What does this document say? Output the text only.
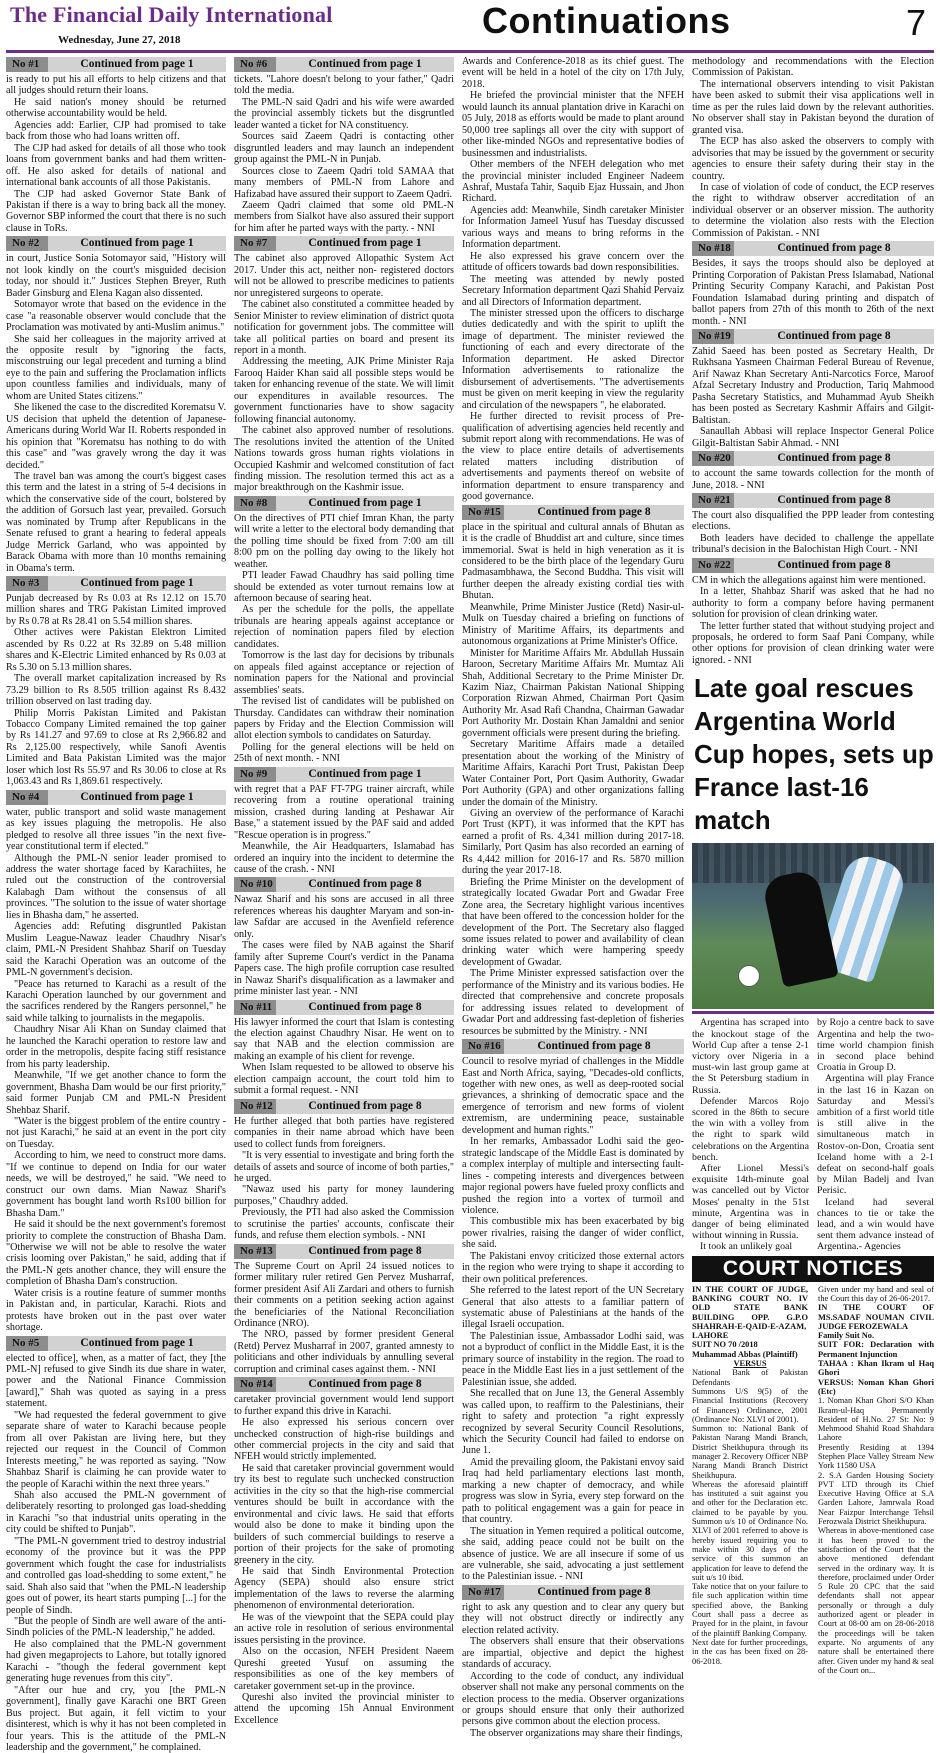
The Financial Daily International
Wednesday, June 27, 2018	Continuations	7
No #1	Continued from page 1

is ready to put his all efforts to help citizens and that all judges should return their loans.

He said nation's money should be returned otherwise accountability would be held.

Agencies add: Earlier, CJP had promised to take back from those who had loans written off.

The CJP had asked for details of all those who took loans from government banks and had them written-off. He also asked for details of national and international bank accounts of all those Pakistanis.

The CJP had asked Governor State Bank of Pakistan if there is a way to bring back all the money. Governor SBP informed the court that there is no such clause in ToRs.

No #2	Continued from page 1

in court, Justice Sonia Sotomayor said, "History will not look kindly on the court's misguided decision today, nor should it." Justices Stephen Breyer, Ruth Bader Ginsburg and Elena Kagan also dissented.

Sotomayor wrote that based on the evidence in the case "a reasonable observer would conclude that the Proclamation was motivated by anti-Muslim animus."

She said her colleagues in the majority arrived at the opposite result by "ignoring the facts, misconstruing our legal precedent and turning a blind eye to the pain and suffering the Proclamation inflicts upon countless families and individuals, many of whom are United States citizens."

She likened the case to the discredited Korematsu V. US decision that upheld the detention of Japanese-Americans during World War II. Roberts responded in his opinion that "Korematsu has nothing to do with this case" and "was gravely wrong the day it was decided."

The travel ban was among the court's biggest cases this term and the latest in a string of 5-4 decisions in which the conservative side of the court, bolstered by the addition of Gorsuch last year, prevailed. Gorsuch was nominated by Trump after Republicans in the Senate refused to grant a hearing to federal appeals Judge Merrick Garland, who was appointed by Barack Obama with more than 10 months remaining in Obama's term.

No #3	Continued from page 1

Punjab decreased by Rs 0.03 at Rs 12.12 on 15.70 million shares and TRG Pakistan Limited improved by Rs 0.78 at Rs 28.41 on 5.54 million shares.

Other actives were Pakistan Elektron Limited ascended by Rs 0.22 at Rs 32.89 on 5.48 million shares and K-Electric Limited enhanced by Rs 0.03 at Rs 5.30 on 5.13 million shares.

The overall market capitalization increased by Rs 73.29 billion to Rs 8.505 trillion against Rs 8.432 trillion observed on last trading day.

Philip Morris Pakistan Limited and Pakistan Tobacco Company Limited remained the top gainer by Rs 141.27 and 97.69 to close at Rs 2,966.82 and Rs 2,125.00 respectively, while Sanofi Aventis Limited and Bata Pakistan Limited was the major loser which lost Rs 55.97 and Rs 30.06 to close at Rs 1,063.43 and Rs 1,869.61 respectively.

No #4	Continued from page 1

water, public transport and solid waste management as key issues plaguing the metropolis. He also pledged to resolve all three issues "in the next five-year constitutional term if elected."

Although the PML-N senior leader promised to address the water shortage faced by Karachiites, he ruled out the construction of the controversial Kalabagh Dam without the consensus of all provinces. "The solution to the issue of water shortage lies in Bhasha dam," he asserted.

Agencies add: Refuting disgruntled Pakistan Muslim League-Nawaz leader Chaudhry Nisar's claim, PML-N President Shahbaz Sharif on Tuesday said the Karachi Operation was an outcome of the PML-N government's decision.

"Peace has returned to Karachi as a result of the Karachi Operation launched by our government and the sacrifices rendered by the Rangers personnel," he said while talking to journalists in the megapolis.

Chaudhry Nisar Ali Khan on Sunday claimed that he launched the Karachi operation to restore law and order in the metropolis, despite facing stiff resistance from his party leadership.

Meanwhile, "If we get another chance to form the government, Bhasha Dam would be our first priority," said former Punjab CM and PML-N President Shehbaz Sharif.

"Water is the biggest problem of the entire country - not just Karachi," he said at an event in the port city on Tuesday.

According to him, we need to construct more dams. "If we continue to depend on India for our water needs, we will be destroyed," he said. "We need to construct our own dams. Mian Nawaz Sharif's government has bought land worth Rs100 billion for Bhasha Dam."

He said it should be the next government's foremost priority to complete the construction of Bhasha Dam. "Otherwise we will not be able to resolve the water crisis looming over Pakistan," he said, adding that if the PML-N gets another chance, they will ensure the completion of Bhasha Dam's construction.

Water crisis is a routine feature of summer months in Pakistan and, in particular, Karachi. Riots and protests have broken out in the past over water shortage.

No #5	Continued from page 1

elected to office], when, as a matter of fact, they [the PML-N] refused to give Sindh its due share in water, power and the National Finance Commission [award]," Shah was quoted as saying in a press statement.

"We had requested the federal government to give separate share of water to Karachi because people from all over Pakistan are living here, but they rejected our request in the Council of Common Interests meeting," he was reported as saying. "Now Shahbaz Sharif is claiming he can provide water to the people of Karachi within the next three years."

Shah also accused the PML-N government of deliberately resorting to prolonged gas load-shedding in Karachi "so that industrial units operating in the city could be shifted to Punjab".

"The PML-N government tried to destroy industrial economy of the province but it was the PPP government which fought the case for industrialists and controlled gas load-shedding to some extent," he said. Shah also said that "when the PML-N leadership goes out of power, its heart starts pumping [...] for the people of Sindh.

"But the people of Sindh are well aware of the anti-Sindh policies of the PML-N leadership," he added.

He also complained that the PML-N government had given megaprojects to Lahore, but totally ignored Karachi - "though the federal government kept generating huge revenues from this city".

"After our hue and cry, you [the PML-N government], finally gave Karachi one BRT Green Bus project. But again, it fell victim to your disinterest, which is why it has not been completed in four years. This is the attitude of the PML-N leadership and the government," he complained.

No #6	Continued from page 1

tickets. "Lahore doesn't belong to your father," Qadri told the media.

The PML-N said Qadri and his wife were awarded the provincial assembly tickets but the disgruntled leader wanted a ticket for NA constituency.

Sources said Zaeem Qadri is contacting other disgruntled leaders and may launch an independent group against the PML-N in Punjab.

Sources close to Zaeem Qadri told SAMAA that many members of PML-N from Lahore and Hafizabad have assured their support to Zaeem Qadri.

Zaeem Qadri claimed that some old PML-N members from Sialkot have also assured their support for him after he parted ways with the party. - NNI

No #7	Continued from page 1

The cabinet also approved Allopathic System Act 2017. Under this act, neither non- registered doctors will not be allowed to prescribe medicines to patients nor unregistered surgeons to operate.

The cabinet also constituted a committee headed by Senior Minister to review elimination of district quota notification for government jobs. The committee will take all political parties on board and present its report in a month.

Addressing the meeting, AJK Prime Minister Raja Farooq Haider Khan said all possible steps would be taken for enhancing revenue of the state. We will limit our expenditures in available resources. The government functionaries have to show sagacity following financial autonomy.

The cabinet also approved number of resolutions. The resolutions invited the attention of the United Nations towards gross human rights violations in Occupied Kashmir and welcomed constitution of fact finding mission. The resolution termed this act as a major breakthrough on the Kashmir issue.

No #8	Continued from page 1

On the directives of PTI chief Imran Khan, the party will write a letter to the electoral body demanding that the polling time should be fixed from 7:00 am till 8:00 pm on the polling day owing to the likely hot weather.

PTI leader Fawad Chaudhry has said polling time should be extended as voter turnout remains low at afternoon because of searing heat.

As per the schedule for the polls, the appellate tribunals are hearing appeals against acceptance or rejection of nomination papers filed by election candidates.

Tomorrow is the last day for decisions by tribunals on appeals filed against acceptance or rejection of nomination papers for the National and provincial assemblies' seats.

The revised list of candidates will be published on Thursday. Candidates can withdraw their nomination papers by Friday and the Election Commission will allot election symbols to candidates on Saturday.

Polling for the general elections will be held on 25th of next month. - NNI

No #9	Continued from page 1

with regret that a PAF FT-7PG trainer aircraft, while recovering from a routine operational training mission, crashed during landing at Peshawar Air Base," a statement issued by the PAF said and added "Rescue operation is in progress."

Meanwhile, the Air Headquarters, Islamabad has ordered an inquiry into the incident to determine the cause of the crash. - NNI

No #10	Continued from page 8

Nawaz Sharif and his sons are accused in all three references whereas his daughter Maryam and son-in-law Safdar are accused in the Avenfield reference only.

The cases were filed by NAB against the Sharif family after Supreme Court's verdict in the Panama Papers case. The high profile corruption case resulted in Nawaz Sharif's disqualification as a lawmaker and prime minister last year. - NNI

No #11	Continued from page 8

His lawyer informed the court that Islam is contesting the election against Chaudhry Nisar. He went on to say that NAB and the election commission are making an example of his client for revenge.

When Islam requested to be allowed to observe his election campaign account, the court told him to submit a formal request. - NNI

No #12	Continued from page 8

He further alleged that both parties have registered companies in their name abroad which have been used to collect funds from foreigners.

"It is very essential to investigate and bring forth the details of assets and source of income of both parties," he urged.

"Nawaz used his party for money laundering purposes," Chaudhry added.

Previously, the PTI had also asked the Commission to scrutinise the parties' accounts, confiscate their funds, and refuse them election symbols. - NNI

No #13	Continued from page 8

The Supreme Court on April 24 issued notices to former military ruler retired Gen Pervez Musharraf, former president Asif Ali Zardari and others to furnish their comments on a petition seeking action against the beneficiaries of the National Reconciliation Ordinance (NRO).

The NRO, passed by former president General (Retd) Pervez Musharraf in 2007, granted amnesty to politicians and other individuals by annulling several corruption and criminal cases against them. - NNI

No #14	Continued from page 8

caretaker provincial government would lend support to further expand this drive in Karachi.

He also expressed his serious concern over unchecked construction of high-rise buildings and other commercial projects in the city and said that NFEH would strictly implemented.

He said that caretaker provincial government would try its best to regulate such unchecked construction activities in the city so that the high-rise commercial ventures should be built in accordance with the environmental and civic laws. He said that efforts would also be done to make it binding upon the builders of such commercial buildings to reserve a portion of their projects for the sake of promoting greenery in the city.

He said that Sindh Environmental Protection Agency (SEPA) should also ensure strict implementation of the laws to reverse the alarming phenomenon of environmental deterioration.

He was of the viewpoint that the SEPA could play an active role in resolution of serious environmental issues persisting in the province.

Also on the occasion, NFEH President Naeem Qureshi greeted Yusuf on assuming the responsibilities as one of the key members of caretaker government set-up in the province.

Qureshi also invited the provincial minister to attend the upcoming 15h Annual Environment Excellence

Awards and Conference-2018 as its chief guest. The event will be held in a hotel of the city on 17th July, 2018.

He briefed the provincial minister that the NFEH would launch its annual plantation drive in Karachi on 05 July, 2018 as efforts would be made to plant around 50,000 tree saplings all over the city with support of other like-minded NGOs and representative bodies of businessmen and industrialists.

Other members of the NFEH delegation who met the provincial minister included Engineer Nadeem Ashraf, Mustafa Tahir, Saquib Ejaz Hussain, and Jhon Richard.

Agencies add: Meanwhile, Sindh caretaker Minister for Information Jameel Yusuf has Tuesday discussed various ways and means to bring reforms in the Information department.

He also expressed his grave concern over the attitude of officers towards bad down responsibilities.

The meeting was attended by newly posted Secretary Information department Qazi Shahid Pervaiz and all Directors of Information department.

The minister stressed upon the officers to discharge duties dedicatedly and with the spirit to uplift the image of department. The minister reviewed the functioning of each and every directorate of the Information department. He asked Director Information advertisements to rationalize the disbursement of advertisements. "The advertisements must be given on merit keeping in view the regularity and circulation of the newspapers ", he elaborated.

He further directed to revisit process of Pre-qualification of advertising agencies held recently and submit report along with recommendations. He was of the view to place entire details of advertisements related matters including distribution of advertisements and payments thereof on website of information department to ensure transparency and good governance.

No #15	Continued from page 8

place in the spiritual and cultural annals of Bhutan as it is the cradle of Bhuddist art and culture, since times immemorial. Swat is held in high veneration as it is considered to be the birth place of the legendary Guru Padmasambhawa, the Second Buddha. This visit will further deepen the already existing cordial ties with Bhutan.

Meanwhile, Prime Minister Justice (Retd) Nasir-ul-Mulk on Tuesday chaired a briefing on functions of Ministry of Maritime Affairs, its departments and autonomous organizations at Prime Minister's Office.

Minister for Maritime Affairs Mr. Abdullah Hussain Haroon, Secretary Maritime Affairs Mr. Mumtaz Ali Shah, Additional Secretary to the Prime Minister Dr. Kazim Niaz, Chairman Pakistan National Shipping Corporation Rizwan Ahmed, Chairman Port Qasim Authority Mr. Asad Rafi Chandna, Chairman Gawadar Port Authority Mr. Dostain Khan Jamaldni and senior government officials were present during the briefing.

Secretary Maritime Affairs made a detailed presentation about the working of the Ministry of Maritime Affairs, Karachi Port Trust, Pakistan Deep Water Container Port, Port Qasim Authority, Gwadar Port Authority (GPA) and other organizations falling under the domain of the Ministry.

Giving an overview of the performance of Karachi Port Trust (KPT), it was informed that the KPT has earned a profit of Rs. 4,341 million during 2017-18. Similarly, Port Qasim has also recorded an earning of Rs 4,442 million for 2016-17 and Rs. 5870 million during the year 2017-18.

Briefing the Prime Minister on the development of strategically located Gwadar Port and Gwadar Free Zone area, the Secretary highlight various incentives that have been offered to the concession holder for the development of the Port. The Secretary also flagged some issues related to power and availability of clean drinking water which were hampering speedy development of Gwadar.

The Prime Minister expressed satisfaction over the performance of the Ministry and its various bodies. He directed that comprehensive and concrete proposals for addressing issues related to development of Gwadar Port and addressing fast-depletion of fisheries resources be submitted by the Ministry. - NNI

No #16	Continued from page 8

Council to resolve myriad of challenges in the Middle East and North Africa, saying, "Decades-old conflicts, together with new ones, as well as deep-rooted social grievances, a shrinking of democratic space and the emergence of terrorism and new forms of violent extremism, are undermining peace, sustainable development and human rights."

In her remarks, Ambassador Lodhi said the geo-strategic landscape of the Middle East is dominated by a complex interplay of multiple and intersecting fault-lines - competing interests and divergences between major regional powers have fueled proxy conflicts and pushed the region into a vortex of turmoil and violence.

This combustible mix has been exacerbated by big power rivalries, raising the danger of wider conflict, she said.

The Pakistani envoy criticized those external actors in the region who were trying to shape it according to their own political preferences.

She referred to the latest report of the UN Secretary General that also attests to a familiar pattern of systematic abuse of Palestinians at the hands of the illegal Israeli occupation.

The Palestinian issue, Ambassador Lodhi said, was not a byproduct of conflict in the Middle East, it is the primary source of instability in the region. The road to peace in the Middle East lies in a just settlement of the Palestinian issue, she added.

She recalled that on June 13, the General Assembly was called upon, to reaffirm to the Palestinians, their right to safety and protection "a right expressly recognized by several Security Council Resolutions, which the Security Council had failed to endorse on June 1.

Amid the prevailing gloom, the Pakistani envoy said Iraq had held parliamentary elections last month, marking a new chapter of democracy, and while progress was slow in Syria, every step forward on the path to political engagement was a gain for peace in that country.

The situation in Yemen required a political outcome, she said, adding peace could not be built on the absence of justice. We are all insecure if some of us are vulnerable, she said, advocating a just settlement to the Palestinian issue. - NNI

No #17	Continued from page 8

right to ask any question and to clear any query but they will not obstruct directly or indirectly any election related activity.

The observers shall ensure that their observations are impartial, objective and depict the highest standards of accuracy.

According to the code of conduct, any individual observer shall not make any personal comments on the election process to the media. Observer organizations or groups should ensure that only their authorized persons give common about the election process.

The observer organizations may share their findings,

methodology and recommendations with the Election Commission of Pakistan.

The international observers intending to visit Pakistan have been asked to submit their visa applications well in time as per the rules laid down by the relevant authorities. No observer shall stay in Pakistan beyond the duration of granted visa.

The ECP has also asked the observers to comply with advisories that may be issued by the government or security agencies to ensure their safety during their stay in the country.

In case of violation of code of conduct, the ECP reserves the right to withdraw observer accreditation of an individual observer or an observer mission. The authority to determine the violation also rests with the Election Commission of Pakistan. - NNI

No #18	Continued from page 8

Besides, it says the troops should also be deployed at Printing Corporation of Pakistan Press Islamabad, National Printing Security Company Karachi, and Pakistan Post Foundation Islamabad during printing and dispatch of ballot papers from 27th of this month to 26th of the next month. - NNI

No #19	Continued from page 8

Zahid Saeed has been posted as Secretary Health, Dr Rukhsana Yasmeen Chairman Federal Bureau of Revenue, Arif Nawaz Khan Secretary Anti-Narcotics Force, Maroof Afzal Secretary Industry and Production, Tariq Mahmood Pasha Secretary Statistics, and Muhammad Ayub Sheikh has been posted as Secretary Kashmir Affairs and Gilgit-Baltistan.

Sanaullah Abbasi will replace Inspector General Police Gilgit-Baltistan Sabir Ahmad. - NNI

No #20	Continued from page 8

to account the same towards collection for the month of June, 2018. - NNI

No #21	Continued from page 8

The court also disqualified the PPP leader from contesting elections.

Both leaders have decided to challenge the appellate tribunal's decision in the Balochistan High Court. - NNI

No #22	Continued from page 8

CM in which the allegations against him were mentioned.

In a letter, Shahbaz Sharif was asked that he had no authority to form a company before having permanent solution for provision of clean drinking water.

The letter further stated that without studying project and proposals, he ordered to form Saaf Pani Company, while other options for provision of clean drinking water were ignored. - NNI

Late goal rescues Argentina World Cup hopes, sets up France last-16 match

Argentina has scraped into the knockout stage of the World Cup after a tense 2-1 victory over Nigeria in a must-win last group game at the St Petersburg stadium in Russia.

Defender Marcos Rojo scored in the 86th to secure the win with a volley from the right to spark wild celebrations on the Argentina bench.

After Lionel Messi's exquisite 14th-minute goal was cancelled out by Victor Moses' penalty in the 51st minute, Argentina was in danger of being eliminated without winning in Russia.

It took an unlikely goal

by Rojo a centre back to save Argentina and help the two-time world champion finish in second place behind Croatia in Group D.

Argentina will play France in the last 16 in Kazan on Saturday and Messi's ambition of a first world title is still alive in the simultaneous match in Rostov-on-Don, Croatia sent Iceland home with a 2-1 defeat on second-half goals by Milan Badelj and Ivan Perisic.

Iceland had several chances to tie or take the lead, and a win would have sent them advance instead of Argentina.- Agencies

COURT NOTICES

IN THE COURT OF JUDGE, BANKING COURT NO. IV OLD STATE BANK BUILDING OPP. G.P.O SHAHRAH-E-QAID-E-AZAM, LAHORE

SUIT NO 70 /2018

Muhammad Abbas (Plaintiff)

VERSUS

National Bank of Pakistan Defendants

Summons U/S 9(5) of the Financial Institutions (Recovery of Finances) Ordinance, 2001 (Ordinance No: XLVI of 2001).

Summon to: National Bank of Pakistan Narang Mandi Branch, District Sheikhupura through its manager 2. Recovery Officer NBP Narang Mandi Branch District Sheikhupura.

Whereas the aforesaid plaintiff has instituted a suit against you and other for the Declaration etc. claimed to be payable by you. Summon u/s 10 of Ordinance No. XLVI of 2001 referred to above is hereby issued requiring you to make within 30 days of the service of this summon an application for leave to defend the suit u/s 10 ibid.

Take notice that on your failure to file such application within time specified above, the Banking Court shall pass a decree as Prayed for in the plaint, in favour of the plaintiff Banking Company.

Next date for further proceedings, in the cas has been fixed on 28-06-2018.

Given under my hand and seal of the Court this day of 26-06-2017.

IN THE COURT OF MS.SADAF NOUMAN CIVIL JUDGE FEROZEWALA

Family Suit No.

SUIT FOR: Declaration with Permanent Injunction

TAHAA : Khan Ikram ul Haq Ghori

VERSUS: Noman Khan Ghori (Etc)

1. Noman Khan Ghori S/O Khan Ikram-ul-Haq Permanently Resident of H.No. 27 St: No: 9 Mehmood Shahid Road Shahdara Lahore

Presently Residing at 1394 Stephen Place Valley Stream New York 11580 USA

2. S.A Garden Housing Society PVT LTD through its Chief Executive Having Office at S.A Garden Lahore, Jamrwala Road Near Faizpur Interchange Tehsil Ferozwala District Sheikhupura.

Whereas in above-mentioned case it has been proved to the satisfaction of the Court that the above mentioned defendant served in the ordinary way. It is therefore, proclaimed under Order 5 Rule 20 CPC that the said defendants shall not appear personally or through a duly authorized agent or pleader in Court at 08-00 am on 28-06-2018 the proceedings will be taken exparte. No arguments of any nature shall be entertained there after. Given under my hand & seal of the Court on...
